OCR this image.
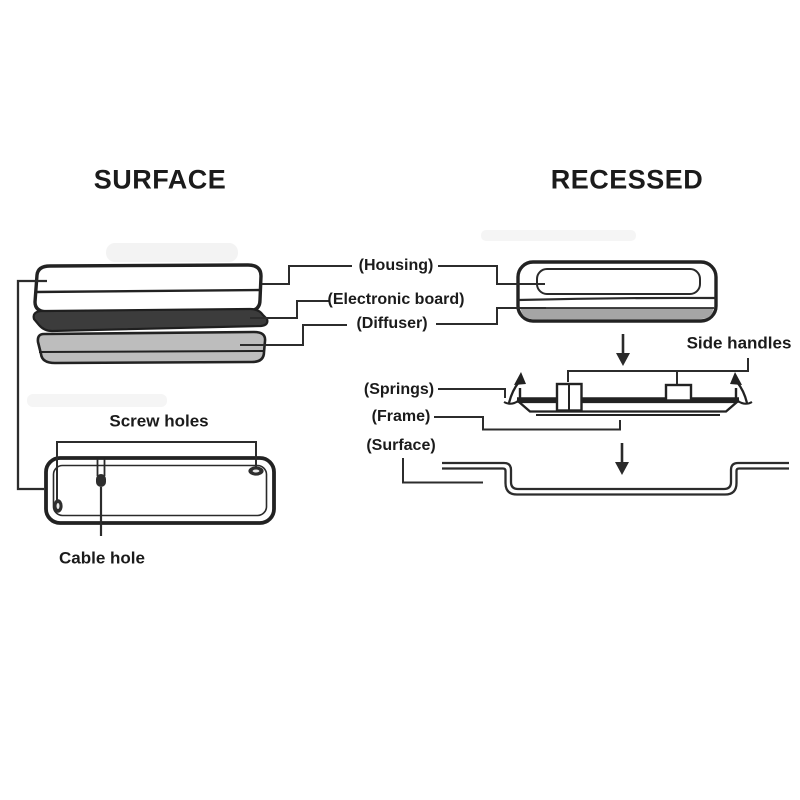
SURFACE	RECESSED
(Housing)
(Electronic board)
(Diffuser)
(Springs)
(Frame)
(Surface)
Side handles
Screw holes
Cable hole
